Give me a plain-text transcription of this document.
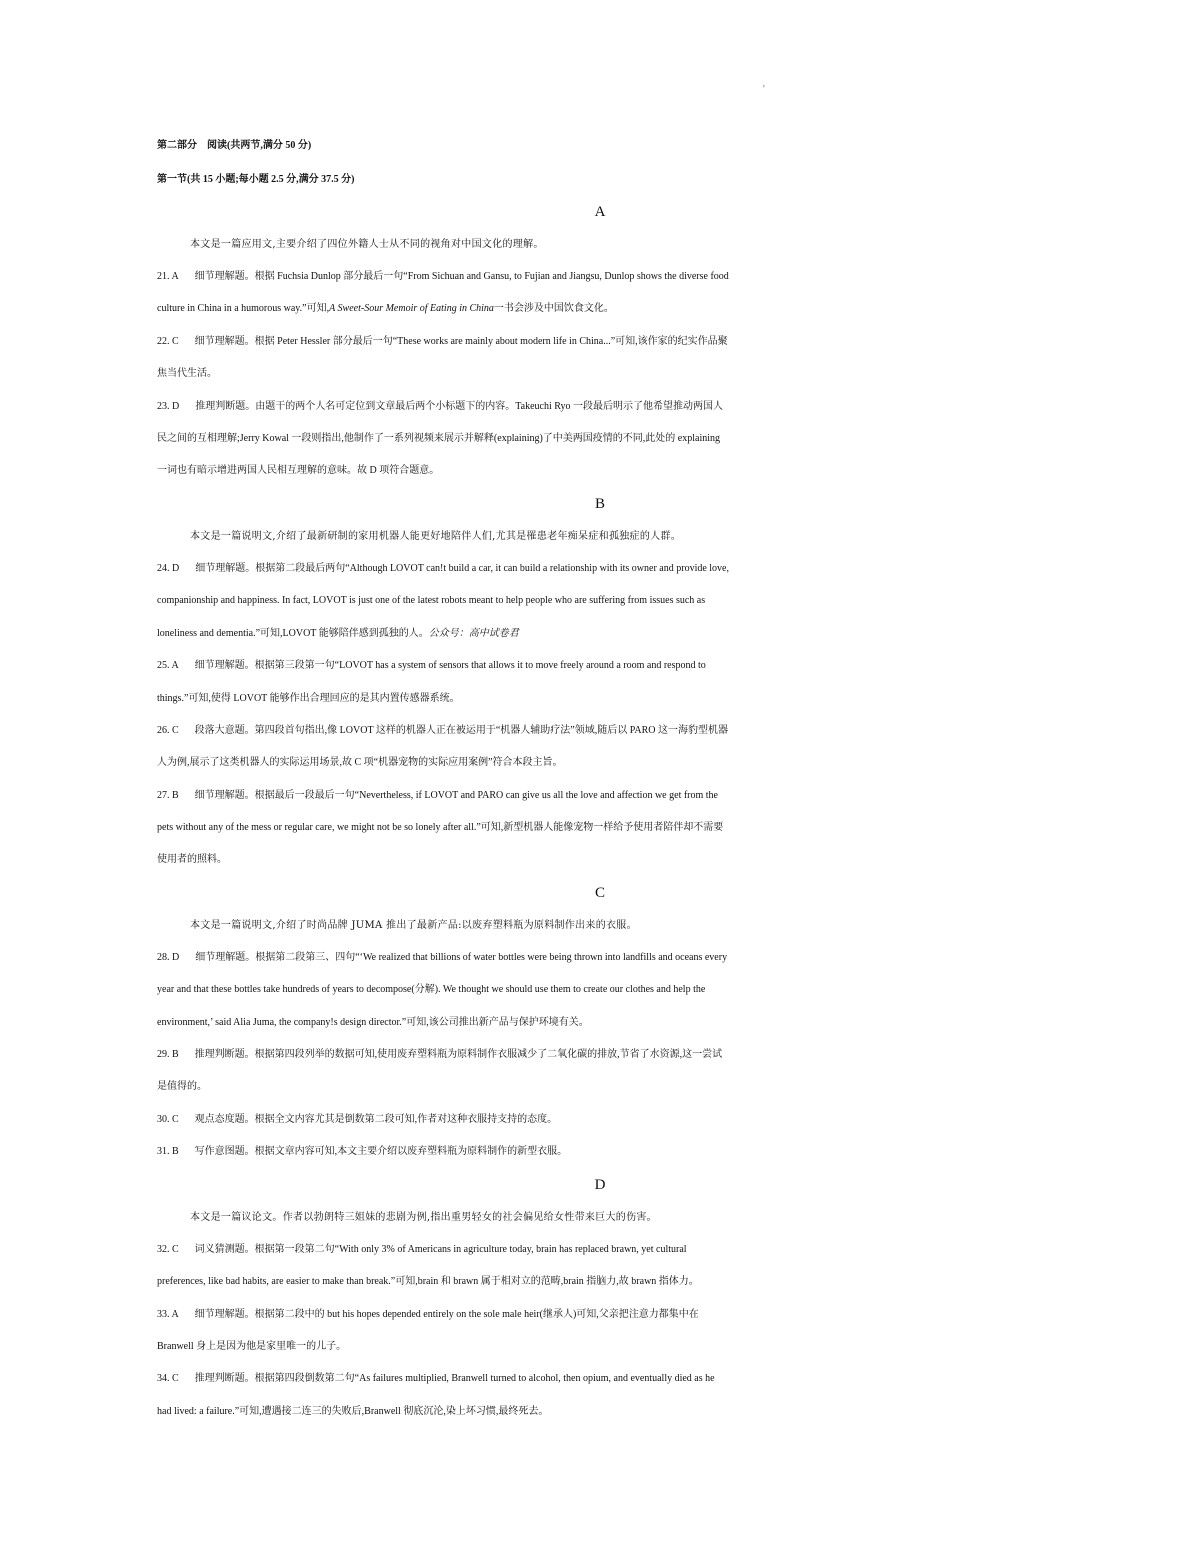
'
第二部分　阅读(共两节,满分 50 分)
第一节(共 15 小题;每小题 2.5 分,满分 37.5 分)
A
本文是一篇应用文,主要介绍了四位外籍人士从不同的视角对中国文化的理解。
21. A 细节理解题。根据 Fuchsia Dunlop 部分最后一句“From Sichuan and Gansu, to Fujian and Jiangsu, Dunlop shows the diverse food
culture in China in a humorous way.”可知,A Sweet-Sour Memoir of Eating in China一书会涉及中国饮食文化。
22. C 细节理解题。根据 Peter Hessler 部分最后一句“These works are mainly about modern life in China...”可知,该作家的纪实作品聚
焦当代生活。
23. D 推理判断题。由题干的两个人名可定位到文章最后两个小标题下的内容。Takeuchi Ryo 一段最后明示了他希望推动两国人
民之间的互相理解;Jerry Kowal 一段则指出,他制作了一系列视频来展示并解释(explaining)了中美两国疫情的不同,此处的 explaining
一词也有暗示增进两国人民相互理解的意味。故 D 项符合题意。
B
本文是一篇说明文,介绍了最新研制的家用机器人能更好地陪伴人们,尤其是罹患老年痴呆症和孤独症的人群。
24. D 细节理解题。根据第二段最后两句“Although LOVOT can!t build a car, it can build a relationship with its owner and provide love,
companionship and happiness. In fact, LOVOT is just one of the latest robots meant to help people who are suffering from issues such as
loneliness and dementia.”可知,LOVOT 能够陪伴感到孤独的人。公众号：高中试卷君
25. A 细节理解题。根据第三段第一句“LOVOT has a system of sensors that allows it to move freely around a room and respond to
things.”可知,使得 LOVOT 能够作出合理回应的是其内置传感器系统。
26. C 段落大意题。第四段首句指出,像 LOVOT 这样的机器人正在被运用于“机器人辅助疗法”领域,随后以 PARO 这一海豹型机器
人为例,展示了这类机器人的实际运用场景,故 C 项“机器宠物的实际应用案例”符合本段主旨。
27. B 细节理解题。根据最后一段最后一句“Nevertheless, if LOVOT and PARO can give us all the love and affection we get from the
pets without any of the mess or regular care, we might not be so lonely after all.”可知,新型机器人能像宠物一样给予使用者陪伴却不需要
使用者的照料。
C
本文是一篇说明文,介绍了时尚品牌 JUMA 推出了最新产品:以废弃塑料瓶为原料制作出来的衣服。
28. D 细节理解题。根据第二段第三、四句“‘We realized that billions of water bottles were being thrown into landfills and oceans every
year and that these bottles take hundreds of years to decompose(分解). We thought we should use them to create our clothes and help the
environment,’ said Alia Juma, the company!s design director.”可知,该公司推出新产品与保护环境有关。
29. B 推理判断题。根据第四段列举的数据可知,使用废弃塑料瓶为原料制作衣服减少了二氧化碳的排放,节省了水资源,这一尝试
是值得的。
30. C 观点态度题。根据全文内容尤其是倒数第二段可知,作者对这种衣服持支持的态度。
31. B 写作意图题。根据文章内容可知,本文主要介绍以废弃塑料瓶为原料制作的新型衣服。
D
本文是一篇议论文。作者以勃朗特三姐妹的悲剧为例,指出重男轻女的社会偏见给女性带来巨大的伤害。
32. C 词义猜测题。根据第一段第二句“With only 3% of Americans in agriculture today, brain has replaced brawn, yet cultural
preferences, like bad habits, are easier to make than break.”可知,brain 和 brawn 属于相对立的范畴,brain 指脑力,故 brawn 指体力。
33. A 细节理解题。根据第二段中的 but his hopes depended entirely on the sole male heir(继承人)可知,父亲把注意力都集中在
Branwell 身上是因为他是家里唯一的儿子。
34. C 推理判断题。根据第四段倒数第二句“As failures multiplied, Branwell turned to alcohol, then opium, and eventually died as he
had lived: a failure.”可知,遭遇接二连三的失败后,Branwell 彻底沉沦,染上坏习惯,最终死去。
